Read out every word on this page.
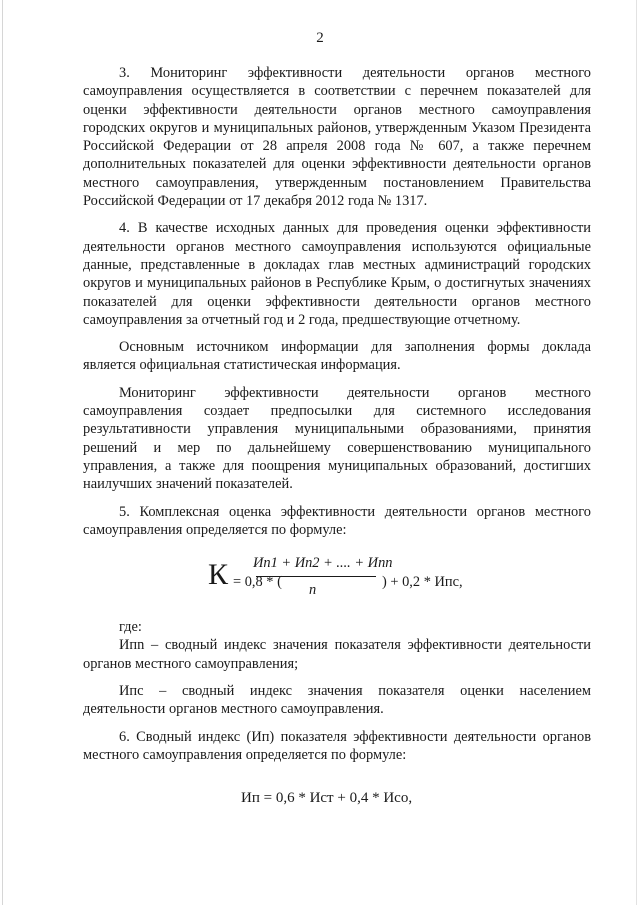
2

3. Мониторинг эффективности деятельности органов местного самоуправления осуществляется в соответствии с перечнем показателей для оценки эффективности деятельности органов местного самоуправления городских округов и муниципальных районов, утвержденным Указом Президента Российской Федерации от 28 апреля 2008 года № 607, а также перечнем дополнительных показателей для оценки эффективности деятельности органов местного самоуправления, утвержденным постановлением Правительства Российской Федерации от 17 декабря 2012 года № 1317.

4. В качестве исходных данных для проведения оценки эффективности деятельности органов местного самоуправления используются официальные данные, представленные в докладах глав местных администраций городских округов и муниципальных районов в Республике Крым, о достигнутых значениях показателей для оценки эффективности деятельности органов местного самоуправления за отчетный год и 2 года, предшествующие отчетному.

Основным источником информации для заполнения формы доклада является официальная статистическая информация.

Мониторинг эффективности деятельности органов местного самоуправления создает предпосылки для системного исследования результативности управления муниципальными образованиями, принятия решений и мер по дальнейшему совершенствованию муниципального управления, а также для поощрения муниципальных образований, достигших наилучших значений показателей.

5. Комплексная оценка эффективности деятельности органов местного самоуправления определяется по формуле:

К = 0,8 * (
Ип1 + Ип2 + .... + Ипn
n	) + 0,2 * Ипс,

где:

Ипn – сводный индекс значения показателя эффективности деятельности органов местного самоуправления;

Ипс – сводный индекс значения показателя оценки населением деятельности органов местного самоуправления.

6. Сводный индекс (Ип) показателя эффективности деятельности органов местного самоуправления определяется по формуле:

Ип = 0,6 * Ист + 0,4 * Исо,
